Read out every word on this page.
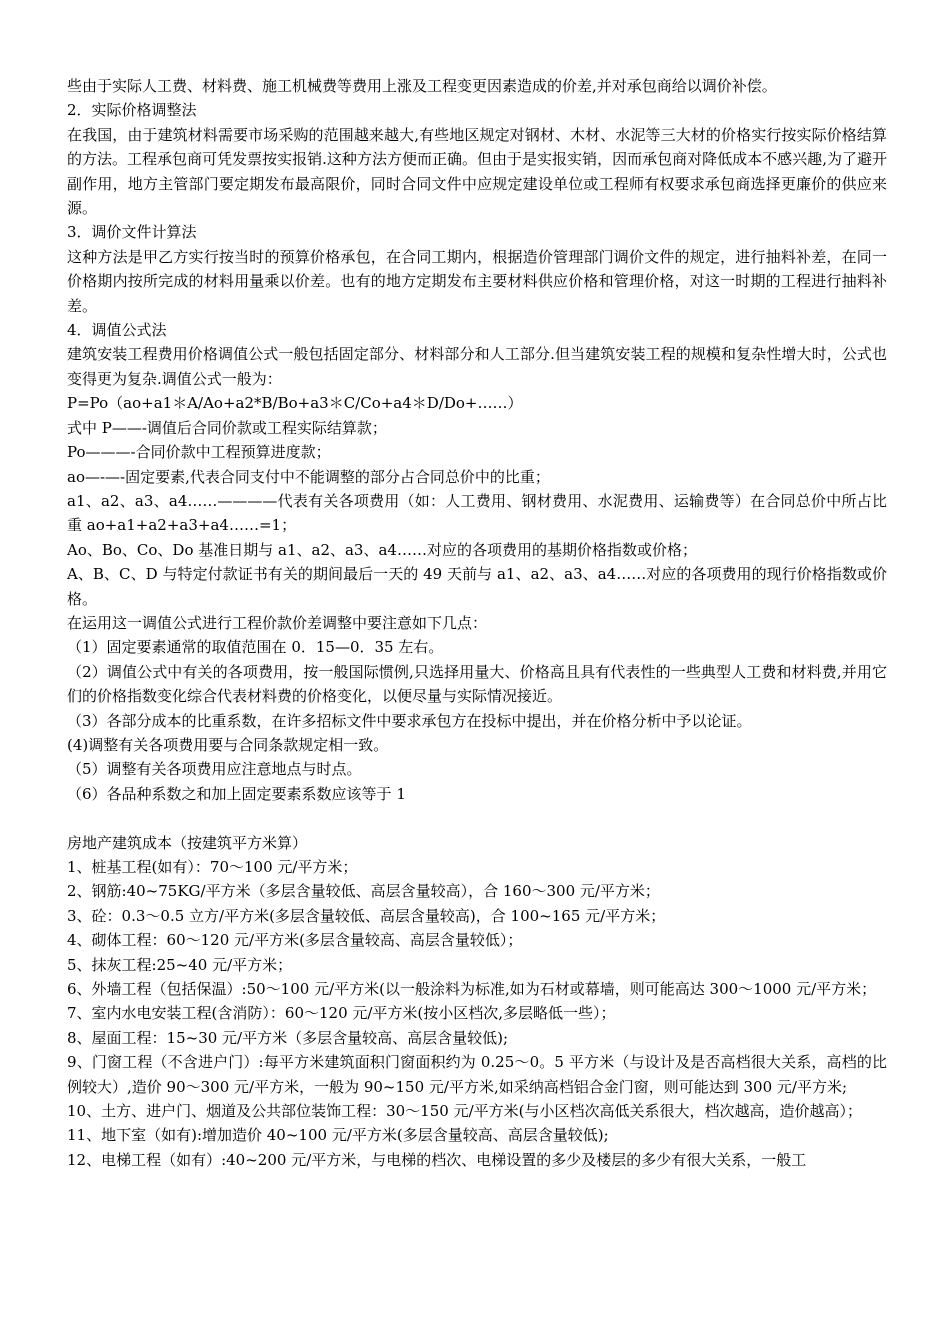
些由于实际人工费、材料费、施工机械费等费用上涨及工程变更因素造成的价差,并对承包商给以调价补偿。

2．实际价格调整法

在我国，由于建筑材料需要市场采购的范围越来越大,有些地区规定对钢材、木材、水泥等三大材的价格实行按实际价格结算的方法。工程承包商可凭发票按实报销.这种方法方便而正确。但由于是实报实销，因而承包商对降低成本不感兴趣,为了避开副作用，地方主管部门要定期发布最高限价，同时合同文件中应规定建设单位或工程师有权要求承包商选择更廉价的供应来源。

3．调价文件计算法

这种方法是甲乙方实行按当时的预算价格承包，在合同工期内，根据造价管理部门调价文件的规定，进行抽料补差，在同一价格期内按所完成的材料用量乘以价差。也有的地方定期发布主要材料供应价格和管理价格，对这一时期的工程进行抽料补差。

4．调值公式法

建筑安装工程费用价格调值公式一般包括固定部分、材料部分和人工部分.但当建筑安装工程的规模和复杂性增大时，公式也变得更为复杂.调值公式一般为：

P=Po（ao+a1＊A/Ao+a2*B/Bo+a3＊C/Co+a4＊D/Do+……）

式中 P——-调值后合同价款或工程实际结算款；

Po———-合同价款中工程预算进度款；

ao—-—-固定要素,代表合同支付中不能调整的部分占合同总价中的比重；

a1、a2、a3、a4……————代表有关各项费用（如：人工费用、钢材费用、水泥费用、运输费等）在合同总价中所占比重 ao+a1+a2+a3+a4……=1；

Ao、Bo、Co、Do 基准日期与 a1、a2、a3、a4……对应的各项费用的基期价格指数或价格；

A、B、C、D 与特定付款证书有关的期间最后一天的 49 天前与 a1、a2、a3、a4……对应的各项费用的现行价格指数或价格。

在运用这一调值公式进行工程价款价差调整中要注意如下几点：

（1）固定要素通常的取值范围在 0．15—0．35 左右。

（2）调值公式中有关的各项费用，按一般国际惯例,只选择用量大、价格高且具有代表性的一些典型人工费和材料费,并用它们的价格指数变化综合代表材料费的价格变化，以便尽量与实际情况接近。

（3）各部分成本的比重系数，在许多招标文件中要求承包方在投标中提出，并在价格分析中予以论证。

(4)调整有关各项费用要与合同条款规定相一致。

（5）调整有关各项费用应注意地点与时点。

（6）各品种系数之和加上固定要素系数应该等于 1

房地产建筑成本（按建筑平方米算）

1、桩基工程(如有）：70～100 元/平方米；

2、钢筋:40~75KG/平方米（多层含量较低、高层含量较高），合 160～300 元/平方米；

3、砼：0.3～0.5 立方/平方米(多层含量较低、高层含量较高)，合 100~165 元/平方米；

4、砌体工程：60～120 元/平方米(多层含量较高、高层含量较低）；

5、抹灰工程:25~40 元/平方米；

6、外墙工程（包括保温）:50～100 元/平方米(以一般涂料为标准,如为石材或幕墙，则可能高达 300～1000 元/平方米；

7、室内水电安装工程(含消防）：60～120 元/平方米(按小区档次,多层略低一些）；

8、屋面工程：15~30 元/平方米（多层含量较高、高层含量较低);

9、门窗工程（不含进户门）:每平方米建筑面积门窗面积约为 0.25～0。5 平方米（与设计及是否高档很大关系，高档的比例较大）,造价 90～300 元/平方米，一般为 90~150 元/平方米,如采纳高档铝合金门窗，则可能达到 300 元/平方米;

10、土方、进户门、烟道及公共部位装饰工程：30～150 元/平方米(与小区档次高低关系很大，档次越高，造价越高）；

11、地下室（如有):增加造价 40~100 元/平方米(多层含量较高、高层含量较低);

12、电梯工程（如有）:40~200 元/平方米，与电梯的档次、电梯设置的多少及楼层的多少有很大关系，一般工
